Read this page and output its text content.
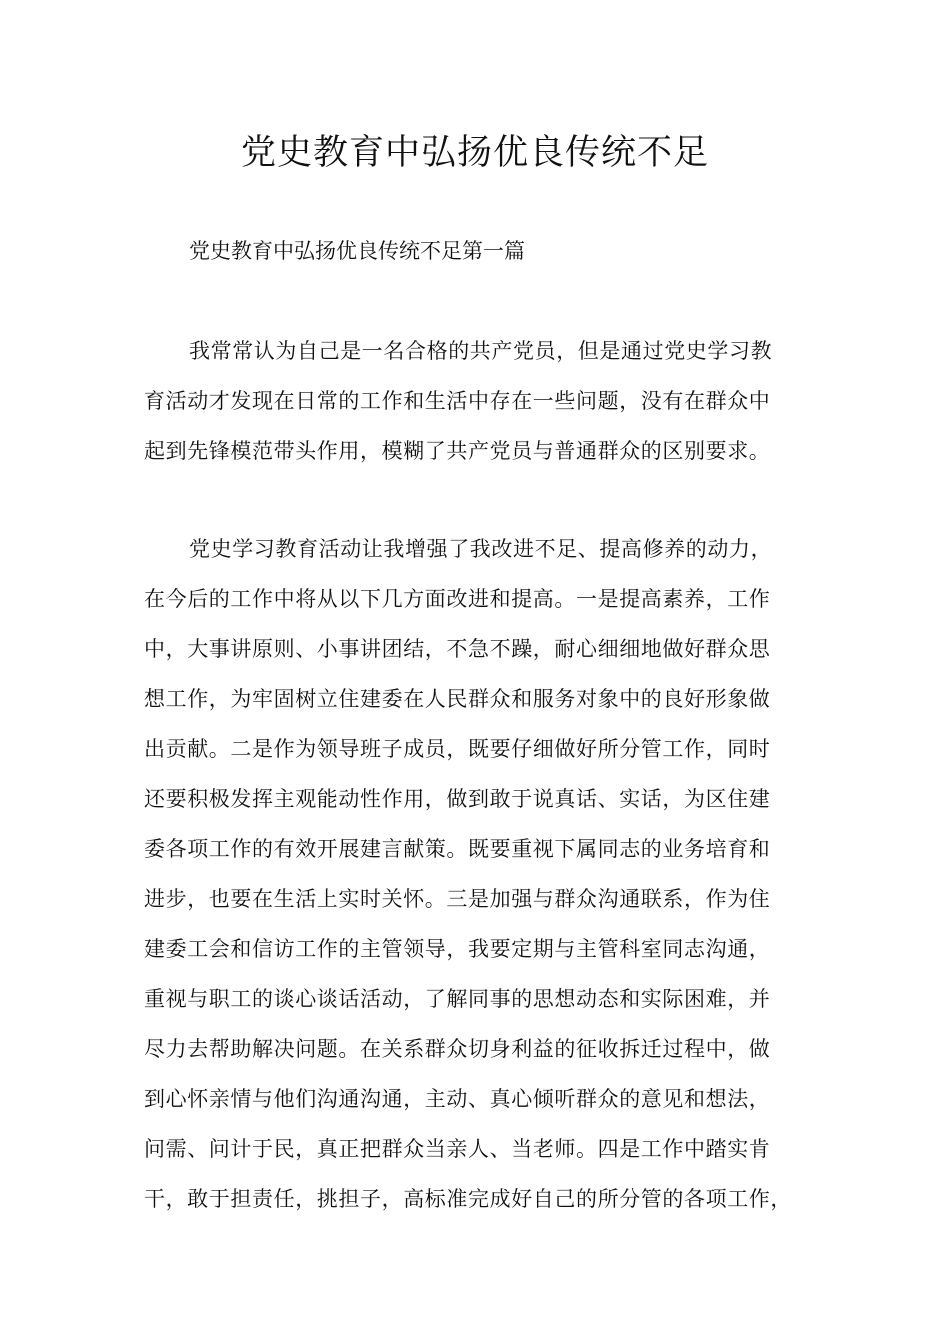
党史教育中弘扬优良传统不足

党史教育中弘扬优良传统不足第一篇

我常常认为自己是一名合格的共产党员，但是通过党史学习教
育活动才发现在日常的工作和生活中存在一些问题，没有在群众中
起到先锋模范带头作用，模糊了共产党员与普通群众的区别要求。
党史学习教育活动让我增强了我改进不足、提高修养的动力，
在今后的工作中将从以下几方面改进和提高。一是提高素养，工作
中，大事讲原则、小事讲团结，不急不躁，耐心细细地做好群众思
想工作，为牢固树立住建委在人民群众和服务对象中的良好形象做
出贡献。二是作为领导班子成员，既要仔细做好所分管工作，同时
还要积极发挥主观能动性作用，做到敢于说真话、实话，为区住建
委各项工作的有效开展建言献策。既要重视下属同志的业务培育和
进步，也要在生活上实时关怀。三是加强与群众沟通联系，作为住
建委工会和信访工作的主管领导，我要定期与主管科室同志沟通，
重视与职工的谈心谈话活动，了解同事的思想动态和实际困难，并
尽力去帮助解决问题。在关系群众切身利益的征收拆迁过程中，做
到心怀亲情与他们沟通沟通，主动、真心倾听群众的意见和想法，
问需、问计于民，真正把群众当亲人、当老师。四是工作中踏实肯
干，敢于担责任，挑担子，高标准完成好自己的所分管的各项工作，
